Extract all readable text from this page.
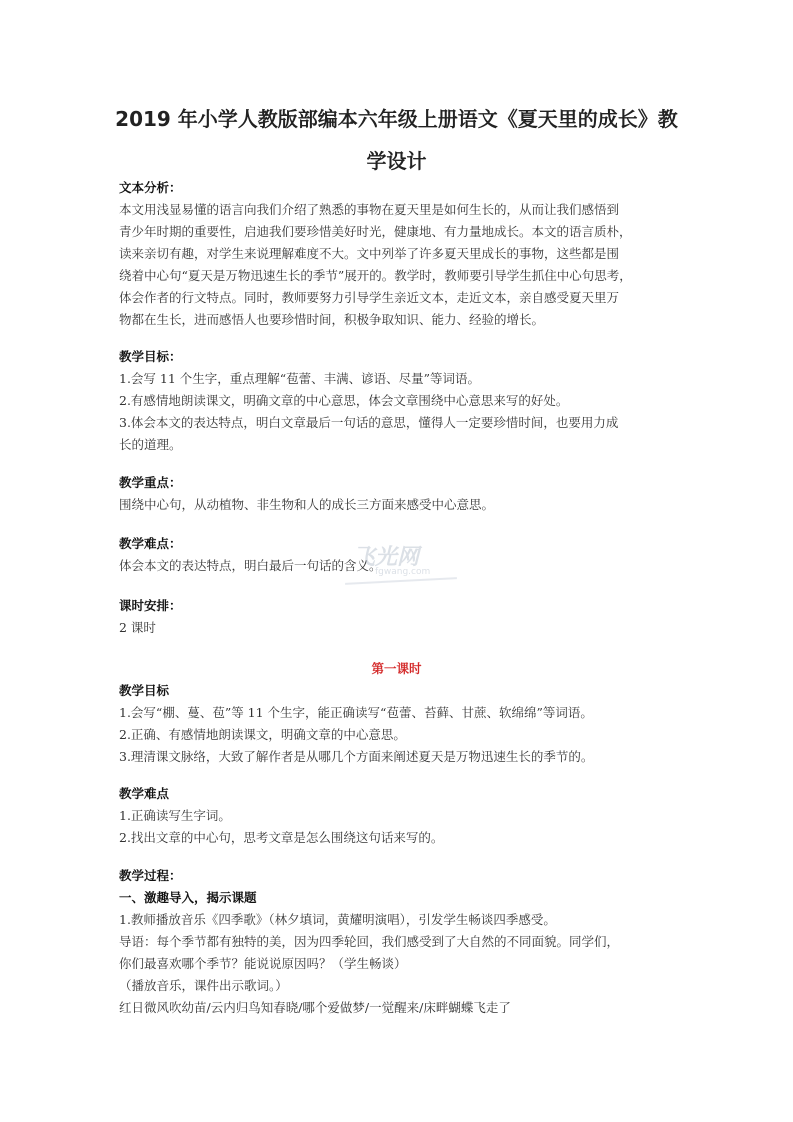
2019 年小学人教版部编本六年级上册语文《夏天里的成长》教
学设计
文本分析：
本文用浅显易懂的语言向我们介绍了熟悉的事物在夏天里是如何生长的，从而让我们感悟到
青少年时期的重要性，启迪我们要珍惜美好时光，健康地、有力量地成长。本文的语言质朴，
读来亲切有趣，对学生来说理解难度不大。文中列举了许多夏天里成长的事物，这些都是围
绕着中心句“夏天是万物迅速生长的季节”展开的。教学时，教师要引导学生抓住中心句思考，
体会作者的行文特点。同时，教师要努力引导学生亲近文本，走近文本，亲自感受夏天里万
物都在生长，进而感悟人也要珍惜时间，积极争取知识、能力、经验的增长。
教学目标：
1.会写 11 个生字，重点理解“苞蕾、丰满、谚语、尽量”等词语。
2.有感情地朗读课文，明确文章的中心意思，体会文章围绕中心意思来写的好处。
3.体会本文的表达特点，明白文章最后一句话的意思，懂得人一定要珍惜时间，也要用力成
长的道理。
教学重点：
围绕中心句，从动植物、非生物和人的成长三方面来感受中心意思。
教学难点：
体会本文的表达特点，明白最后一句话的含义。
课时安排：
2 课时
第一课时
教学目标
1.会写“棚、蔓、苞”等 11 个生字，能正确读写“苞蕾、苔藓、甘蔗、软绵绵”等词语。
2.正确、有感情地朗读课文，明确文章的中心意思。
3.理清课文脉络，大致了解作者是从哪几个方面来阐述夏天是万物迅速生长的季节的。
教学难点
1.正确读写生字词。
2.找出文章的中心句，思考文章是怎么围绕这句话来写的。
教学过程：
一、激趣导入，揭示课题
1.教师播放音乐《四季歌》（林夕填词，黄耀明演唱），引发学生畅谈四季感受。
导语：每个季节都有独特的美，因为四季轮回，我们感受到了大自然的不同面貌。同学们，
你们最喜欢哪个季节？能说说原因吗？（学生畅谈）
（播放音乐，课件出示歌词。）
红日微风吹幼苗/云内归鸟知春晓/哪个爱做梦/一觉醒来/床畔蝴蝶飞走了
飞光网
fgwang.com
